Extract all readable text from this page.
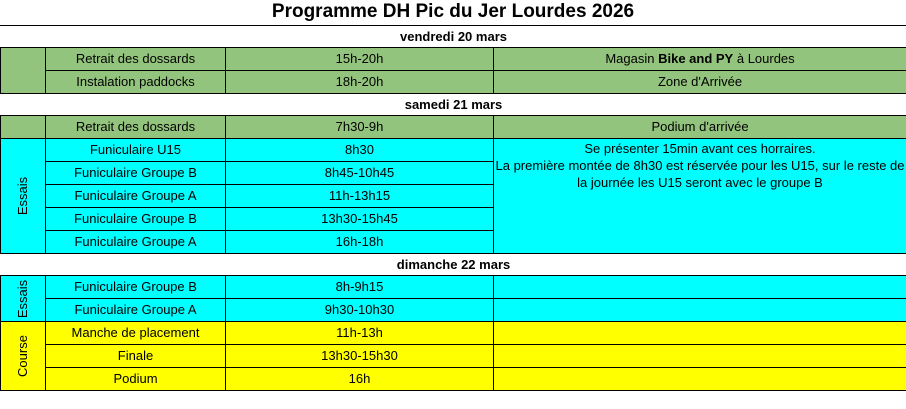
Programme DH Pic du Jer Lourdes 2026
vendredi 20 mars			
	Retrait des dossards	15h-20h	Magasin Bike and PY à Lourdes
	Instalation paddocks	18h-20h	Zone d'Arrivée
samedi 21 mars			
	Retrait des dossards	7h30-9h	Podium d'arrivée
Essais	Funiculaire U15	8h30	Se présenter 15min avant ces horraires.
La première montée de 8h30 est réservée pour les U15, sur le reste de la journée les U15 seront avec le groupe B

	Funiculaire Groupe B	8h45-10h45	
	Funiculaire Groupe A	11h-13h15	
	Funiculaire Groupe B	13h30-15h45	
	Funiculaire Groupe A	16h-18h	
dimanche 22 mars			
Essais	Funiculaire Groupe B	8h-9h15	
	Funiculaire Groupe A	9h30-10h30	
Course	Manche de placement	11h-13h	
	Finale	13h30-15h30	
	Podium	16h	
